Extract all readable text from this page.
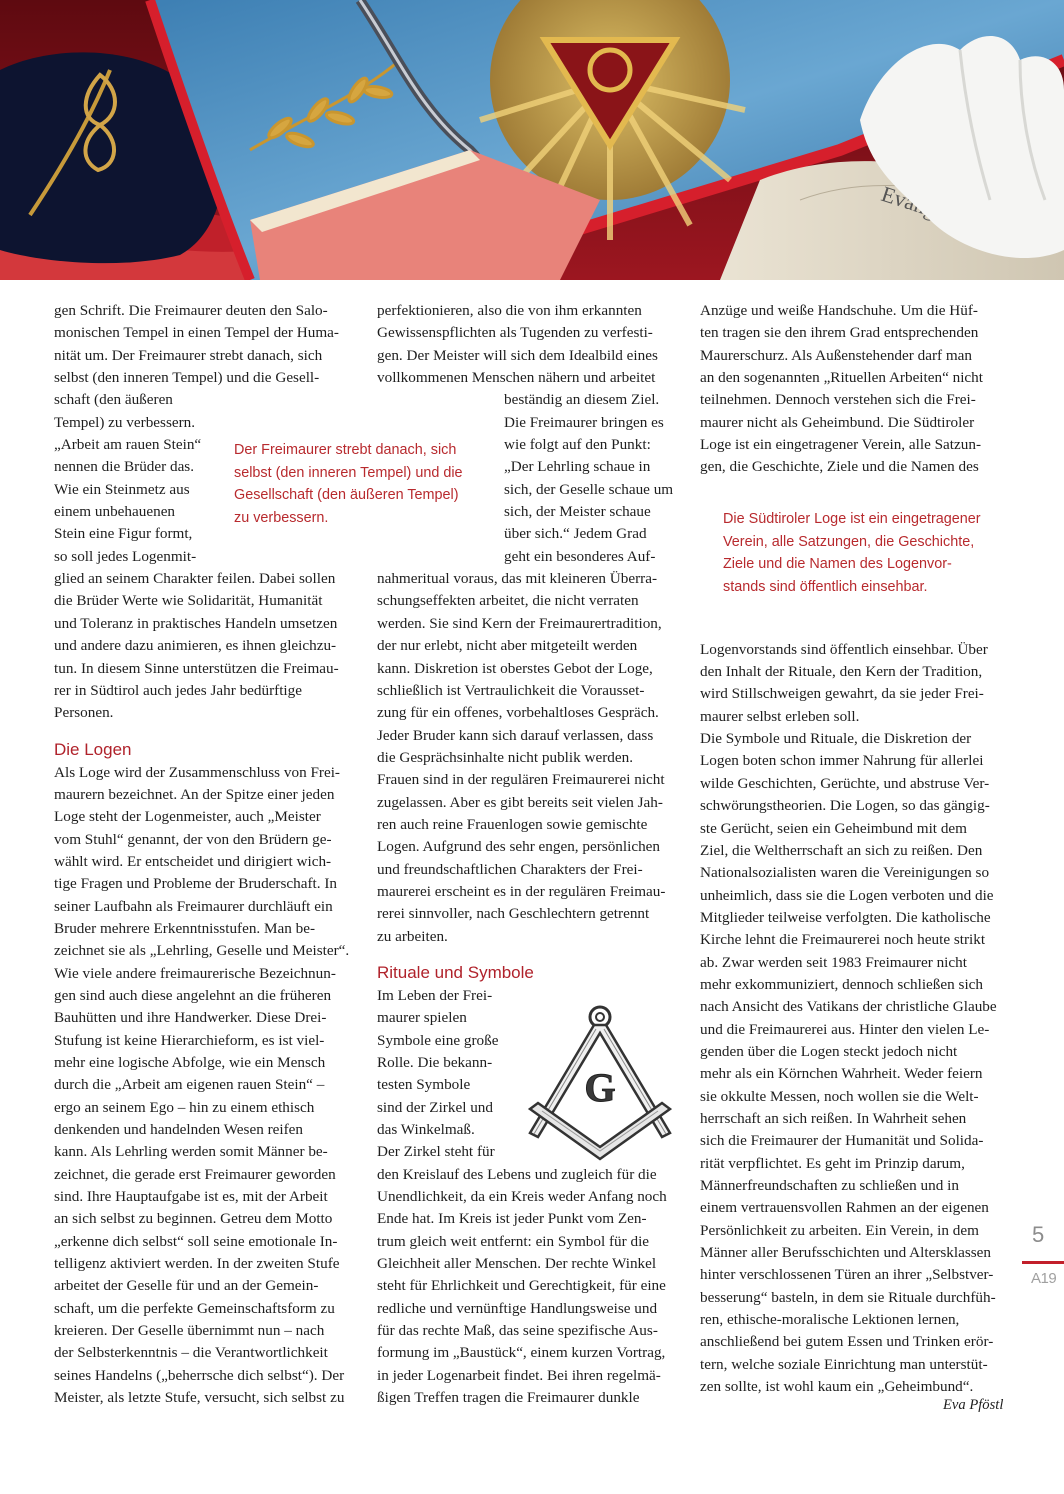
gen Schrift. Die Freimaurer deuten den Salo-
monischen Tempel in einen Tempel der Huma-
nität um. Der Freimaurer strebt danach, sich
selbst (den inneren Tempel) und die Gesell-
schaft (den äußeren
Tempel) zu verbessern.
„Arbeit am rauen Stein“
nennen die Brüder das.
Wie ein Steinmetz aus
einem unbehauenen
Stein eine Figur formt,
so soll jedes Logenmit-
glied an seinem Charakter feilen. Dabei sollen
die Brüder Werte wie Solidarität, Humanität
und Toleranz in praktisches Handeln umsetzen
und andere dazu animieren, es ihnen gleichzu-
tun. In diesem Sinne unterstützen die Freimau-
rer in Südtirol auch jedes Jahr bedürftige
Personen.
Die Logen
Als Loge wird der Zusammenschluss von Frei-
maurern bezeichnet. An der Spitze einer jeden
Loge steht der Logenmeister, auch „Meister
vom Stuhl“ genannt, der von den Brüdern ge-
wählt wird. Er entscheidet und dirigiert wich-
tige Fragen und Probleme der Bruderschaft. In
seiner Laufbahn als Freimaurer durchläuft ein
Bruder mehrere Erkenntnisstufen. Man be-
zeichnet sie als „Lehrling, Geselle und Meister“.
Wie viele andere freimaurerische Bezeichnun-
gen sind auch diese angelehnt an die früheren
Bauhütten und ihre Handwerker. Diese Drei-
Stufung ist keine Hierarchieform, es ist viel-
mehr eine logische Abfolge, wie ein Mensch
durch die „Arbeit am eigenen rauen Stein“ –
ergo an seinem Ego – hin zu einem ethisch
denkenden und handelnden Wesen reifen
kann. Als Lehrling werden somit Männer be-
zeichnet, die gerade erst Freimaurer geworden
sind. Ihre Hauptaufgabe ist es, mit der Arbeit
an sich selbst zu beginnen. Getreu dem Motto
„erkenne dich selbst“ soll seine emotionale In-
telligenz aktiviert werden. In der zweiten Stufe
arbeitet der Geselle für und an der Gemein-
schaft, um die perfekte Gemeinschaftsform zu
kreieren. Der Geselle übernimmt nun – nach
der Selbsterkenntnis – die Verantwortlichkeit
seines Handelns („beherrsche dich selbst“). Der
Meister, als letzte Stufe, versucht, sich selbst zu
Der Freimaurer strebt danach, sich
selbst (den inneren Tempel) und die
Gesellschaft (den äußeren Tempel)
zu verbessern.
perfektionieren, also die von ihm erkannten
Gewissenspflichten als Tugenden zu verfesti-
gen. Der Meister will sich dem Idealbild eines
vollkommenen Menschen nähern und arbeitet
beständig an diesem Ziel.
Die Freimaurer bringen es
wie folgt auf den Punkt:
„Der Lehrling schaue in
sich, der Geselle schaue um
sich, der Meister schaue
über sich.“ Jedem Grad
geht ein besonderes Auf-
nahmeritual voraus, das mit kleineren Überra-
schungseffekten arbeitet, die nicht verraten
werden. Sie sind Kern der Freimaurertradition,
der nur erlebt, nicht aber mitgeteilt werden
kann. Diskretion ist oberstes Gebot der Loge,
schließlich ist Vertraulichkeit die Vorausset-
zung für ein offenes, vorbehaltloses Gespräch.
Jeder Bruder kann sich darauf verlassen, dass
die Gesprächsinhalte nicht publik werden.
Frauen sind in der regulären Freimaurerei nicht
zugelassen. Aber es gibt bereits seit vielen Jah-
ren auch reine Frauenlogen sowie gemischte
Logen. Aufgrund des sehr engen, persönlichen
und freundschaftlichen Charakters der Frei-
maurerei erscheint es in der regulären Freimau-
rerei sinnvoller, nach Geschlechtern getrennt
zu arbeiten.
Rituale und Symbole
Im Leben der Frei-
maurer spielen
Symbole eine große
Rolle. Die bekann-
testen Symbole
sind der Zirkel und
das Winkelmaß.
Der Zirkel steht für
den Kreislauf des Lebens und zugleich für die
Unendlichkeit, da ein Kreis weder Anfang noch
Ende hat. Im Kreis ist jeder Punkt vom Zen-
trum gleich weit entfernt: ein Symbol für die
Gleichheit aller Menschen. Der rechte Winkel
steht für Ehrlichkeit und Gerechtigkeit, für eine
redliche und vernünftige Handlungsweise und
für das rechte Maß, das seine spezifische Aus-
formung im „Baustück“, einem kurzen Vortrag,
in jeder Logenarbeit findet. Bei ihren regelmä-
ßigen Treffen tragen die Freimaurer dunkle
G
Anzüge und weiße Handschuhe. Um die Hüf-
ten tragen sie den ihrem Grad entsprechenden
Maurerschurz. Als Außenstehender darf man
an den sogenannten „Rituellen Arbeiten“ nicht
teilnehmen. Dennoch verstehen sich die Frei-
maurer nicht als Geheimbund. Die Südtiroler
Loge ist ein eingetragener Verein, alle Satzun-
gen, die Geschichte, Ziele und die Namen des
Logenvorstands sind öffentlich einsehbar. Über
den Inhalt der Rituale, den Kern der Tradition,
wird Stillschweigen gewahrt, da sie jeder Frei-
maurer selbst erleben soll.
Die Symbole und Rituale, die Diskretion der
Logen boten schon immer Nahrung für allerlei
wilde Geschichten, Gerüchte, und abstruse Ver-
schwörungstheorien. Die Logen, so das gängig-
ste Gerücht, seien ein Geheimbund mit dem
Ziel, die Weltherrschaft an sich zu reißen. Den
Nationalsozialisten waren die Vereinigungen so
unheimlich, dass sie die Logen verboten und die
Mitglieder teilweise verfolgten. Die katholische
Kirche lehnt die Freimaurerei noch heute strikt
ab. Zwar werden seit 1983 Freimaurer nicht
mehr exkommuniziert, dennoch schließen sich
nach Ansicht des Vatikans der christliche Glaube
und die Freimaurerei aus. Hinter den vielen Le-
genden über die Logen steckt jedoch nicht
mehr als ein Körnchen Wahrheit. Weder feiern
sie okkulte Messen, noch wollen sie die Welt-
herrschaft an sich reißen. In Wahrheit sehen
sich die Freimaurer der Humanität und Solida-
rität verpflichtet. Es geht im Prinzip darum,
Männerfreundschaften zu schließen und in
einem vertrauensvollen Rahmen an der eigenen
Persönlichkeit zu arbeiten. Ein Verein, in dem
Männer aller Berufsschichten und Altersklassen
hinter verschlossenen Türen an ihrer „Selbstver-
besserung“ basteln, in dem sie Rituale durchfüh-
ren, ethische-moralische Lektionen lernen,
anschließend bei gutem Essen und Trinken erör-
tern, welche soziale Einrichtung man unterstüt-
zen sollte, ist wohl kaum ein „Geheimbund“.
Die Südtiroler Loge ist ein eingetragener
Verein, alle Satzungen, die Geschichte,
Ziele und die Namen des Logenvor-
stands sind öffentlich einsehbar.
Eva Pföstl
5
A19
